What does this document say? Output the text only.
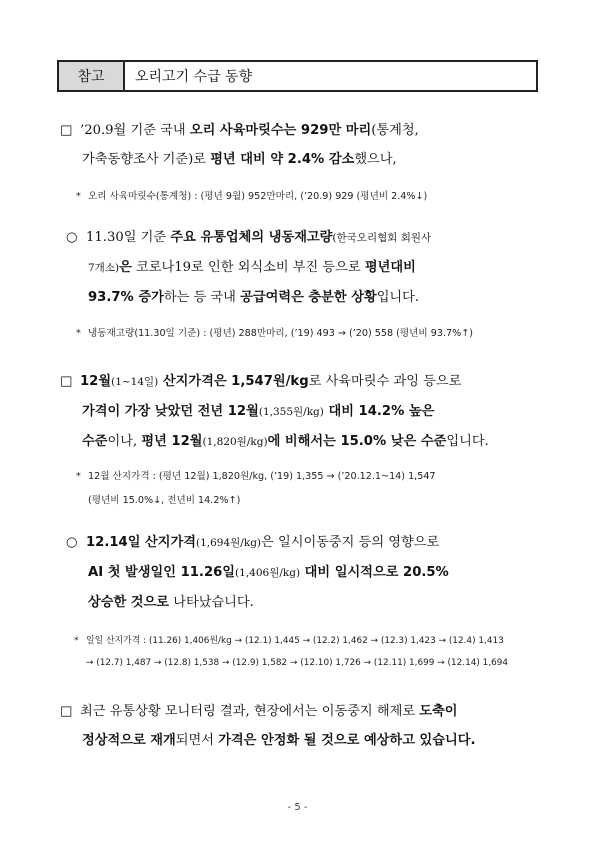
참고	오리고기 수급 동향
□ ’20.9월 기준 국내 오리 사육마릿수는 929만 마리(통계청,
가축동향조사 기준)로 평년 대비 약 2.4% 감소했으나,
* 오리 사육마릿수(통계청) : (평년 9월) 952만마리, (’20.9) 929 (평년비 2.4%↓)
○ 11.30일 기준 주요 유통업체의 냉동재고량(한국오리협회 회원사
7개소)은 코로나19로 인한 외식소비 부진 등으로 평년대비
93.7% 증가하는 등 국내 공급여력은 충분한 상황입니다.
* 냉동재고량(11.30일 기준) : (평년) 288만마리, (’19) 493 → (’20) 558 (평년비 93.7%↑)
□ 12월(1~14일) 산지가격은 1,547원/kg로 사육마릿수 과잉 등으로
가격이 가장 낮았던 전년 12월(1,355원/kg) 대비 14.2% 높은
수준이나, 평년 12월(1,820원/kg)에 비해서는 15.0% 낮은 수준입니다.
* 12월 산지가격 : (평년 12월) 1,820원/kg, (’19) 1,355 → (’20.12.1~14) 1,547
(평년비 15.0%↓, 전년비 14.2%↑)
○ 12.14일 산지가격(1,694원/kg)은 일시이동중지 등의 영향으로
AI 첫 발생일인 11.26일(1,406원/kg) 대비 일시적으로 20.5%
상승한 것으로 나타났습니다.
* 일일 산지가격 : (11.26) 1,406원/kg → (12.1) 1,445 → (12.2) 1,462 → (12.3) 1,423 → (12.4) 1,413
→ (12.7) 1,487 → (12.8) 1,538 → (12.9) 1,582 → (12.10) 1,726 → (12.11) 1,699 → (12.14) 1,694
□ 최근 유통상황 모니터링 결과, 현장에서는 이동중지 해제로 도축이
정상적으로 재개되면서 가격은 안정화 될 것으로 예상하고 있습니다.
- 5 -
